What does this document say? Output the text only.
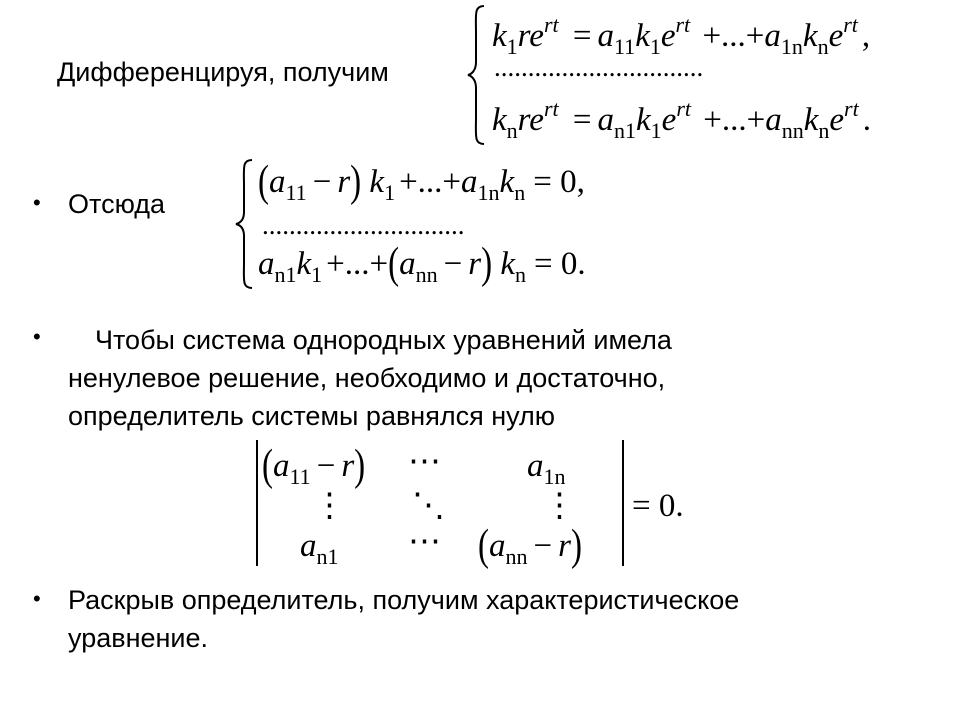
Дифференцируя, получим
$k_1re^{rt} = a_{11}k_1e^{rt} +...+a_{1n}k_ne^{rt}$ ,
...............................
$k_nre^{rt} = a_{n1}k_1e^{rt} +...+a_{nn}k_ne^{rt}$ .
• Отсюда	$(a_{11} - r)$ $k_1 +...+a_{1n}k_n = 0$,
..............................
$a_{n1}k_1 +...+(a_{nn} - r) k_n = 0$.
• Чтобы система однородных уравнений имела
ненулевое решение, необходимо и достаточно,
определитель системы равнялся нулю
$(a_{11} - r)$ ⋯	$a_{1n}$
⋮ ⋱	⋮
$a_{n1}$ ⋯ $(a_{nn} - r)$
= 0.
• Раскрыв определитель, получим характеристическое
уравнение.
